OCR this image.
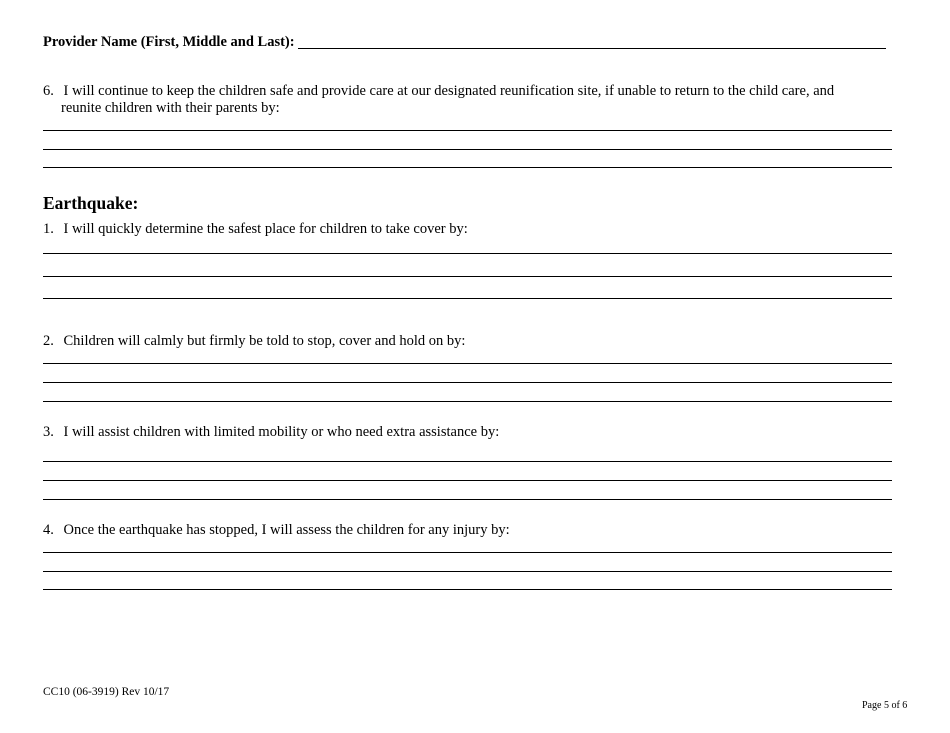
Provider Name (First, Middle and Last):
6. I will continue to keep the children safe and provide care at our designated reunification site, if unable to return to the child care, and
reunite children with their parents by:
Earthquake:
1. I will quickly determine the safest place for children to take cover by:
2. Children will calmly but firmly be told to stop, cover and hold on by:
3. I will assist children with limited mobility or who need extra assistance by:
4. Once the earthquake has stopped, I will assess the children for any injury by:
CC10 (06-3919) Rev 10/17
Page 5 of 6
